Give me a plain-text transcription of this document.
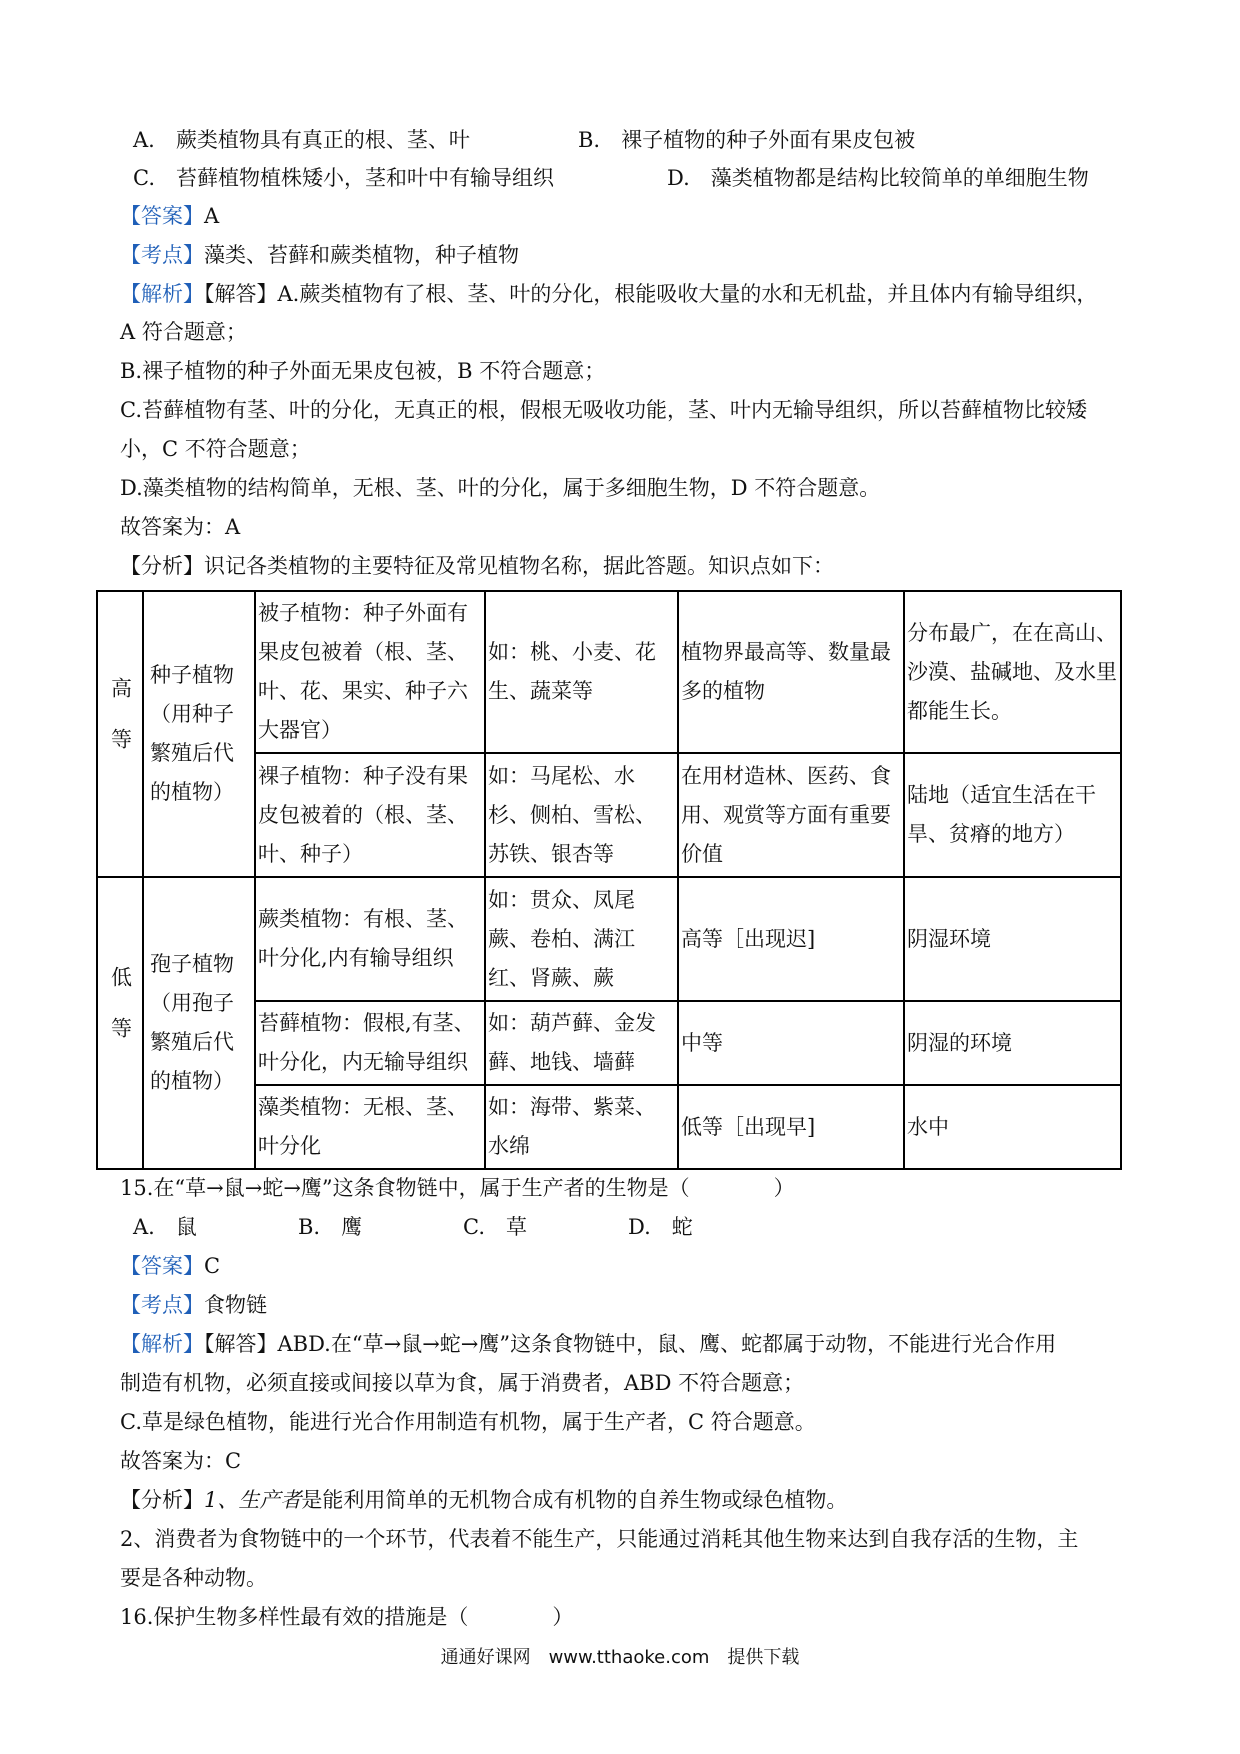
A.　蕨类植物具有真正的根、茎、叶	B.　裸子植物的种子外面有果皮包被
C.　苔藓植物植株矮小，茎和叶中有输导组织	D.　藻类植物都是结构比较简单的单细胞生物
【答案】A
【考点】藻类、苔藓和蕨类植物，种子植物
【解析】【解答】A.蕨类植物有了根、茎、叶的分化，根能吸收大量的水和无机盐，并且体内有输导组织，
A 符合题意；
B.裸子植物的种子外面无果皮包被，B 不符合题意；
C.苔藓植物有茎、叶的分化，无真正的根，假根无吸收功能，茎、叶内无输导组织，所以苔藓植物比较矮
小，C 不符合题意；
D.藻类植物的结构简单，无根、茎、叶的分化，属于多细胞生物，D 不符合题意。
故答案为：A
【分析】识记各类植物的主要特征及常见植物名称，据此答题。知识点如下：
高等	种子植物（用种子繁殖后代的植物）	被子植物：种子外面有果皮包被着（根、茎、叶、花、果实、种子六大器官）	如：桃、小麦、花生、蔬菜等	植物界最高等、数量最多的植物	分布最广，在在高山、沙漠、盐碱地、及水里都能生长。
		裸子植物：种子没有果皮包被着的（根、茎、叶、种子）	如：马尾松、水杉、侧柏、雪松、苏铁、银杏等	在用材造林、医药、食用、观赏等方面有重要价值	陆地（适宜生活在干旱、贫瘠的地方）
低等	孢子植物（用孢子繁殖后代的植物）	蕨类植物：有根、茎、叶分化,内有输导组织	如：贯众、凤尾蕨、卷柏、满江红、肾蕨、蕨	高等［出现迟]	阴湿环境
		苔藓植物：假根,有茎、叶分化，内无输导组织	如：葫芦藓、金发藓、地钱、墙藓	中等	阴湿的环境
		藻类植物：无根、茎、叶分化	如：海带、紫菜、水绵	低等［出现早]	水中
15.在“草→鼠→蛇→鹰”这条食物链中，属于生产者的生物是（　　　　）
A.　鼠	B.　鹰	C.　草	D.　蛇
【答案】C
【考点】食物链
【解析】【解答】ABD.在“草→鼠→蛇→鹰”这条食物链中，鼠、鹰、蛇都属于动物，不能进行光合作用
制造有机物，必须直接或间接以草为食，属于消费者，ABD 不符合题意；
C.草是绿色植物，能进行光合作用制造有机物，属于生产者，C 符合题意。
故答案为：C
【分析】1、生产者是能利用简单的无机物合成有机物的自养生物或绿色植物。
2、消费者为食物链中的一个环节，代表着不能生产，只能通过消耗其他生物来达到自我存活的生物，主
要是各种动物。
16.保护生物多样性最有效的措施是（　　　　）
通通好课网　www.tthaoke.com　提供下载
